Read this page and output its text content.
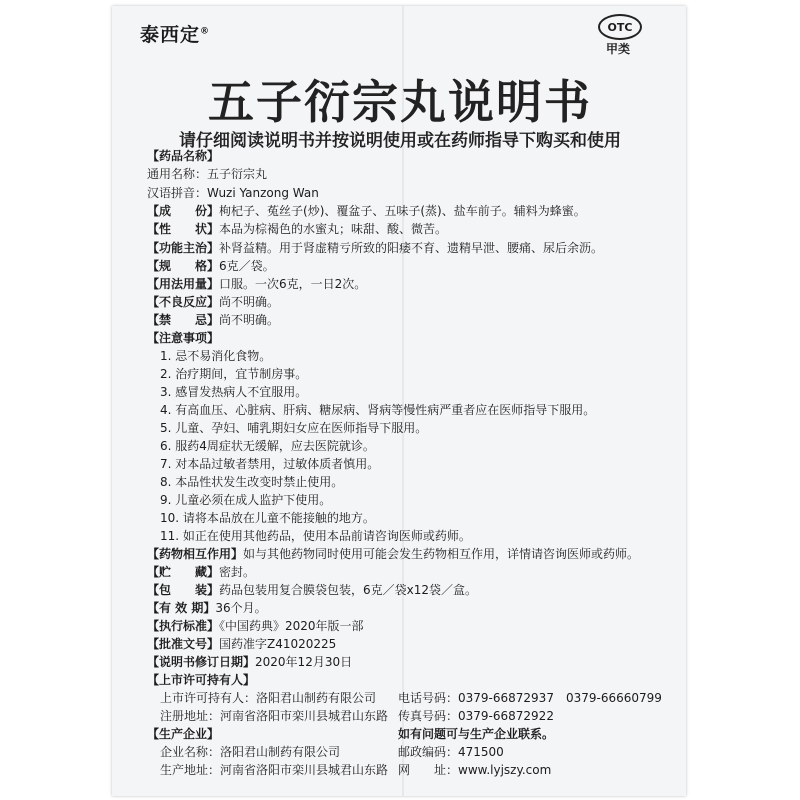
泰西定®	OTC
甲类
五子衍宗丸说明书
请仔细阅读说明书并按说明使用或在药师指导下购买和使用
【药品名称】
通用名称：五子衍宗丸
汉语拼音：Wuzi Yanzong Wan
【成　　份】枸杞子、菟丝子(炒)、覆盆子、五味子(蒸)、盐车前子。辅料为蜂蜜。
【性　　状】本品为棕褐色的水蜜丸；味甜、酸、微苦。
【功能主治】补肾益精。用于肾虚精亏所致的阳痿不育、遗精早泄、腰痛、尿后余沥。
【规　　格】6克／袋。
【用法用量】口服。一次6克，一日2次。
【不良反应】尚不明确。
【禁　　忌】尚不明确。
【注意事项】
1. 忌不易消化食物。
2. 治疗期间，宜节制房事。
3. 感冒发热病人不宜服用。
4. 有高血压、心脏病、肝病、糖尿病、肾病等慢性病严重者应在医师指导下服用。
5. 儿童、孕妇、哺乳期妇女应在医师指导下服用。
6. 服药4周症状无缓解，应去医院就诊。
7. 对本品过敏者禁用，过敏体质者慎用。
8. 本品性状发生改变时禁止使用。
9. 儿童必须在成人监护下使用。
10. 请将本品放在儿童不能接触的地方。
11. 如正在使用其他药品，使用本品前请咨询医师或药师。
【药物相互作用】如与其他药物同时使用可能会发生药物相互作用，详情请咨询医师或药师。
【贮　　藏】密封。
【包　　装】药品包装用复合膜袋包装，6克／袋x12袋／盒。
【有 效 期】36个月。
【执行标准】《中国药典》2020年版一部
【批准文号】国药准字Z41020225
【说明书修订日期】2020年12月30日
【上市许可持有人】
上市许可持有人：洛阳君山制药有限公司
注册地址：河南省洛阳市栾川县城君山东路
【生产企业】
企业名称：洛阳君山制药有限公司
生产地址：河南省洛阳市栾川县城君山东路
邮政编码：471500
网　　址：www.lyjszy.com
电话号码：0379-66872937　0379-66660799
传真号码：0379-66872922
如有问题可与生产企业联系。
